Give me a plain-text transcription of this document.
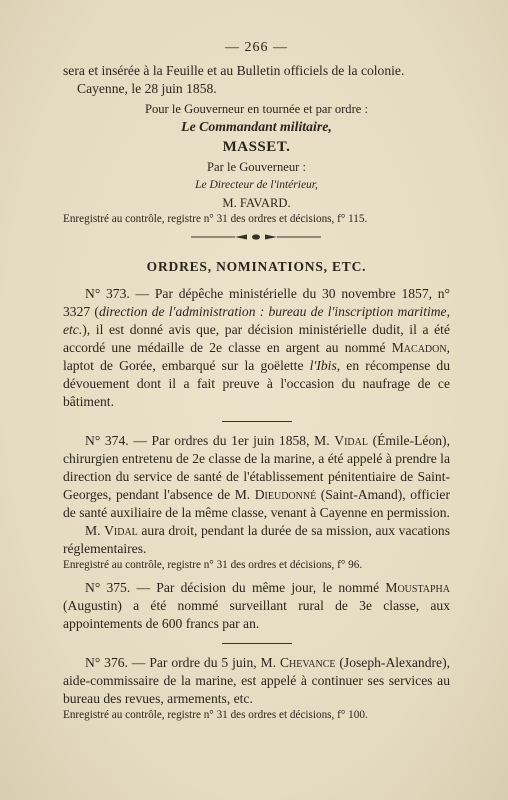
— 266 —

sera et insérée à la Feuille et au Bulletin officiels de la colonie.

Cayenne, le 28 juin 1858.

Pour le Gouverneur en tournée et par ordre :

Le Commandant militaire,

MASSET.

Par le Gouverneur :

Le Directeur de l'intérieur,

M. FAVARD.

Enregistré au contrôle, registre n° 31 des ordres et décisions, f° 115.

ORDRES, NOMINATIONS, ETC.

N° 373. — Par dépêche ministérielle du 30 novembre 1857, n° 3327 (direction de l'administration : bureau de l'inscription maritime, etc.), il est donné avis que, par décision ministérielle dudit, il a été accordé une médaille de 2e classe en argent au nommé Macadon, laptot de Gorée, embarqué sur la goëlette l'Ibis, en récompense du dévouement dont il a fait preuve à l'occasion du naufrage de ce bâtiment.

N° 374. — Par ordres du 1er juin 1858, M. Vidal (Émile-Léon), chirurgien entretenu de 2e classe de la marine, a été appelé à prendre la direction du service de santé de l'établissement pénitentiaire de Saint-Georges, pendant l'absence de M. Dieudonné (Saint-Amand), officier de santé auxiliaire de la même classe, venant à Cayenne en permission.

M. Vidal aura droit, pendant la durée de sa mission, aux vacations réglementaires.

Enregistré au contrôle, registre n° 31 des ordres et décisions, f° 96.

N° 375. — Par décision du même jour, le nommé Moustapha (Augustin) a été nommé surveillant rural de 3e classe, aux appointements de 600 francs par an.

N° 376. — Par ordre du 5 juin, M. Chevance (Joseph-Alexandre), aide-commissaire de la marine, est appelé à continuer ses services au bureau des revues, armements, etc.

Enregistré au contrôle, registre n° 31 des ordres et décisions, f° 100.
